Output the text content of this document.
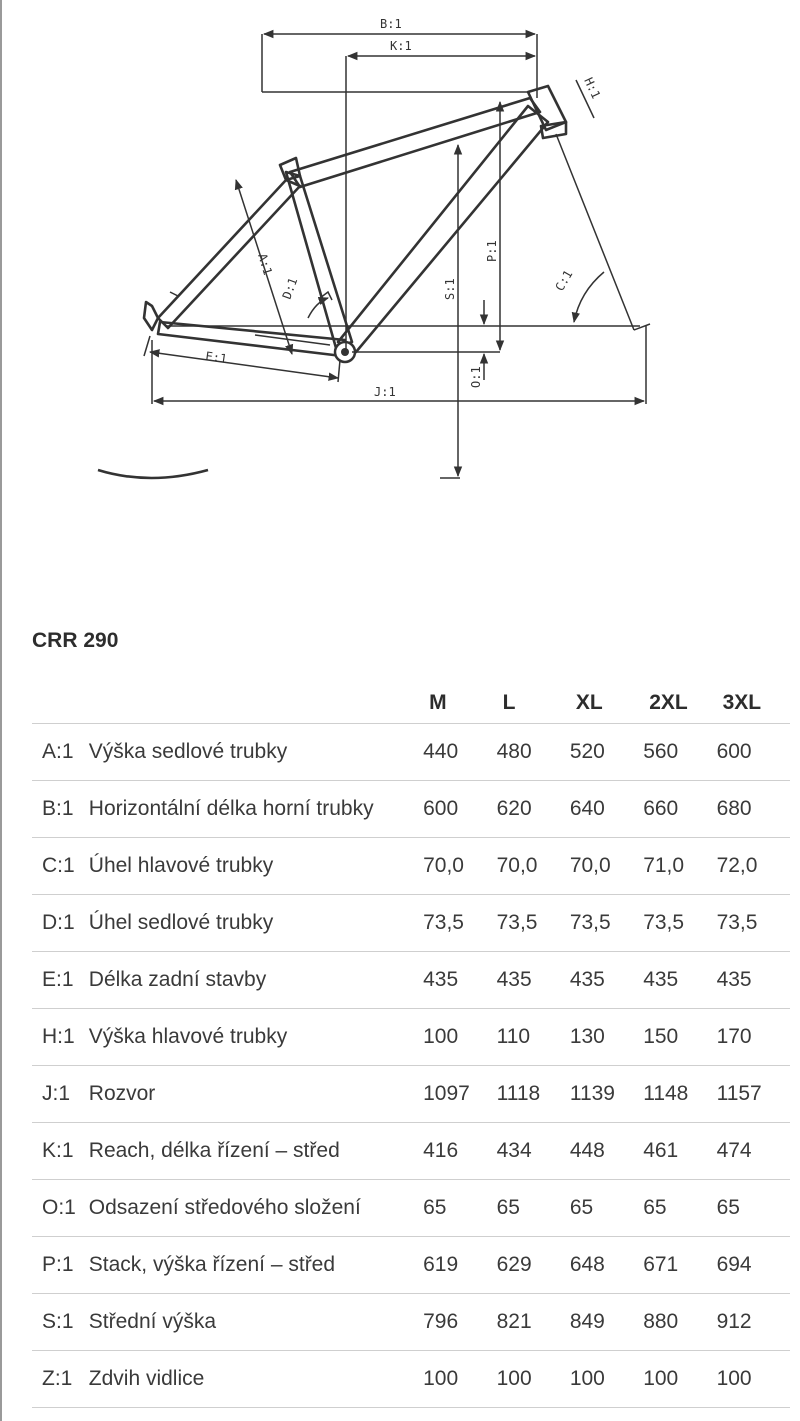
B:1
K:1
H:1
A:1
D:1
P:1
S:1
O:1
C:1
E:1
J:1
CRR 290
		M	L	XL	2XL	3XL
A:1	Výška sedlové trubky	440	480	520	560	600
B:1	Horizontální délka horní trubky	600	620	640	660	680
C:1	Úhel hlavové trubky	70,0	70,0	70,0	71,0	72,0
D:1	Úhel sedlové trubky	73,5	73,5	73,5	73,5	73,5
E:1	Délka zadní stavby	435	435	435	435	435
H:1	Výška hlavové trubky	100	110	130	150	170
J:1	Rozvor	1097	1118	1139	1148	1157
K:1	Reach, délka řízení – střed	416	434	448	461	474
O:1	Odsazení středového složení	65	65	65	65	65
P:1	Stack, výška řízení – střed	619	629	648	671	694
S:1	Střední výška	796	821	849	880	912
Z:1	Zdvih vidlice	100	100	100	100	100
